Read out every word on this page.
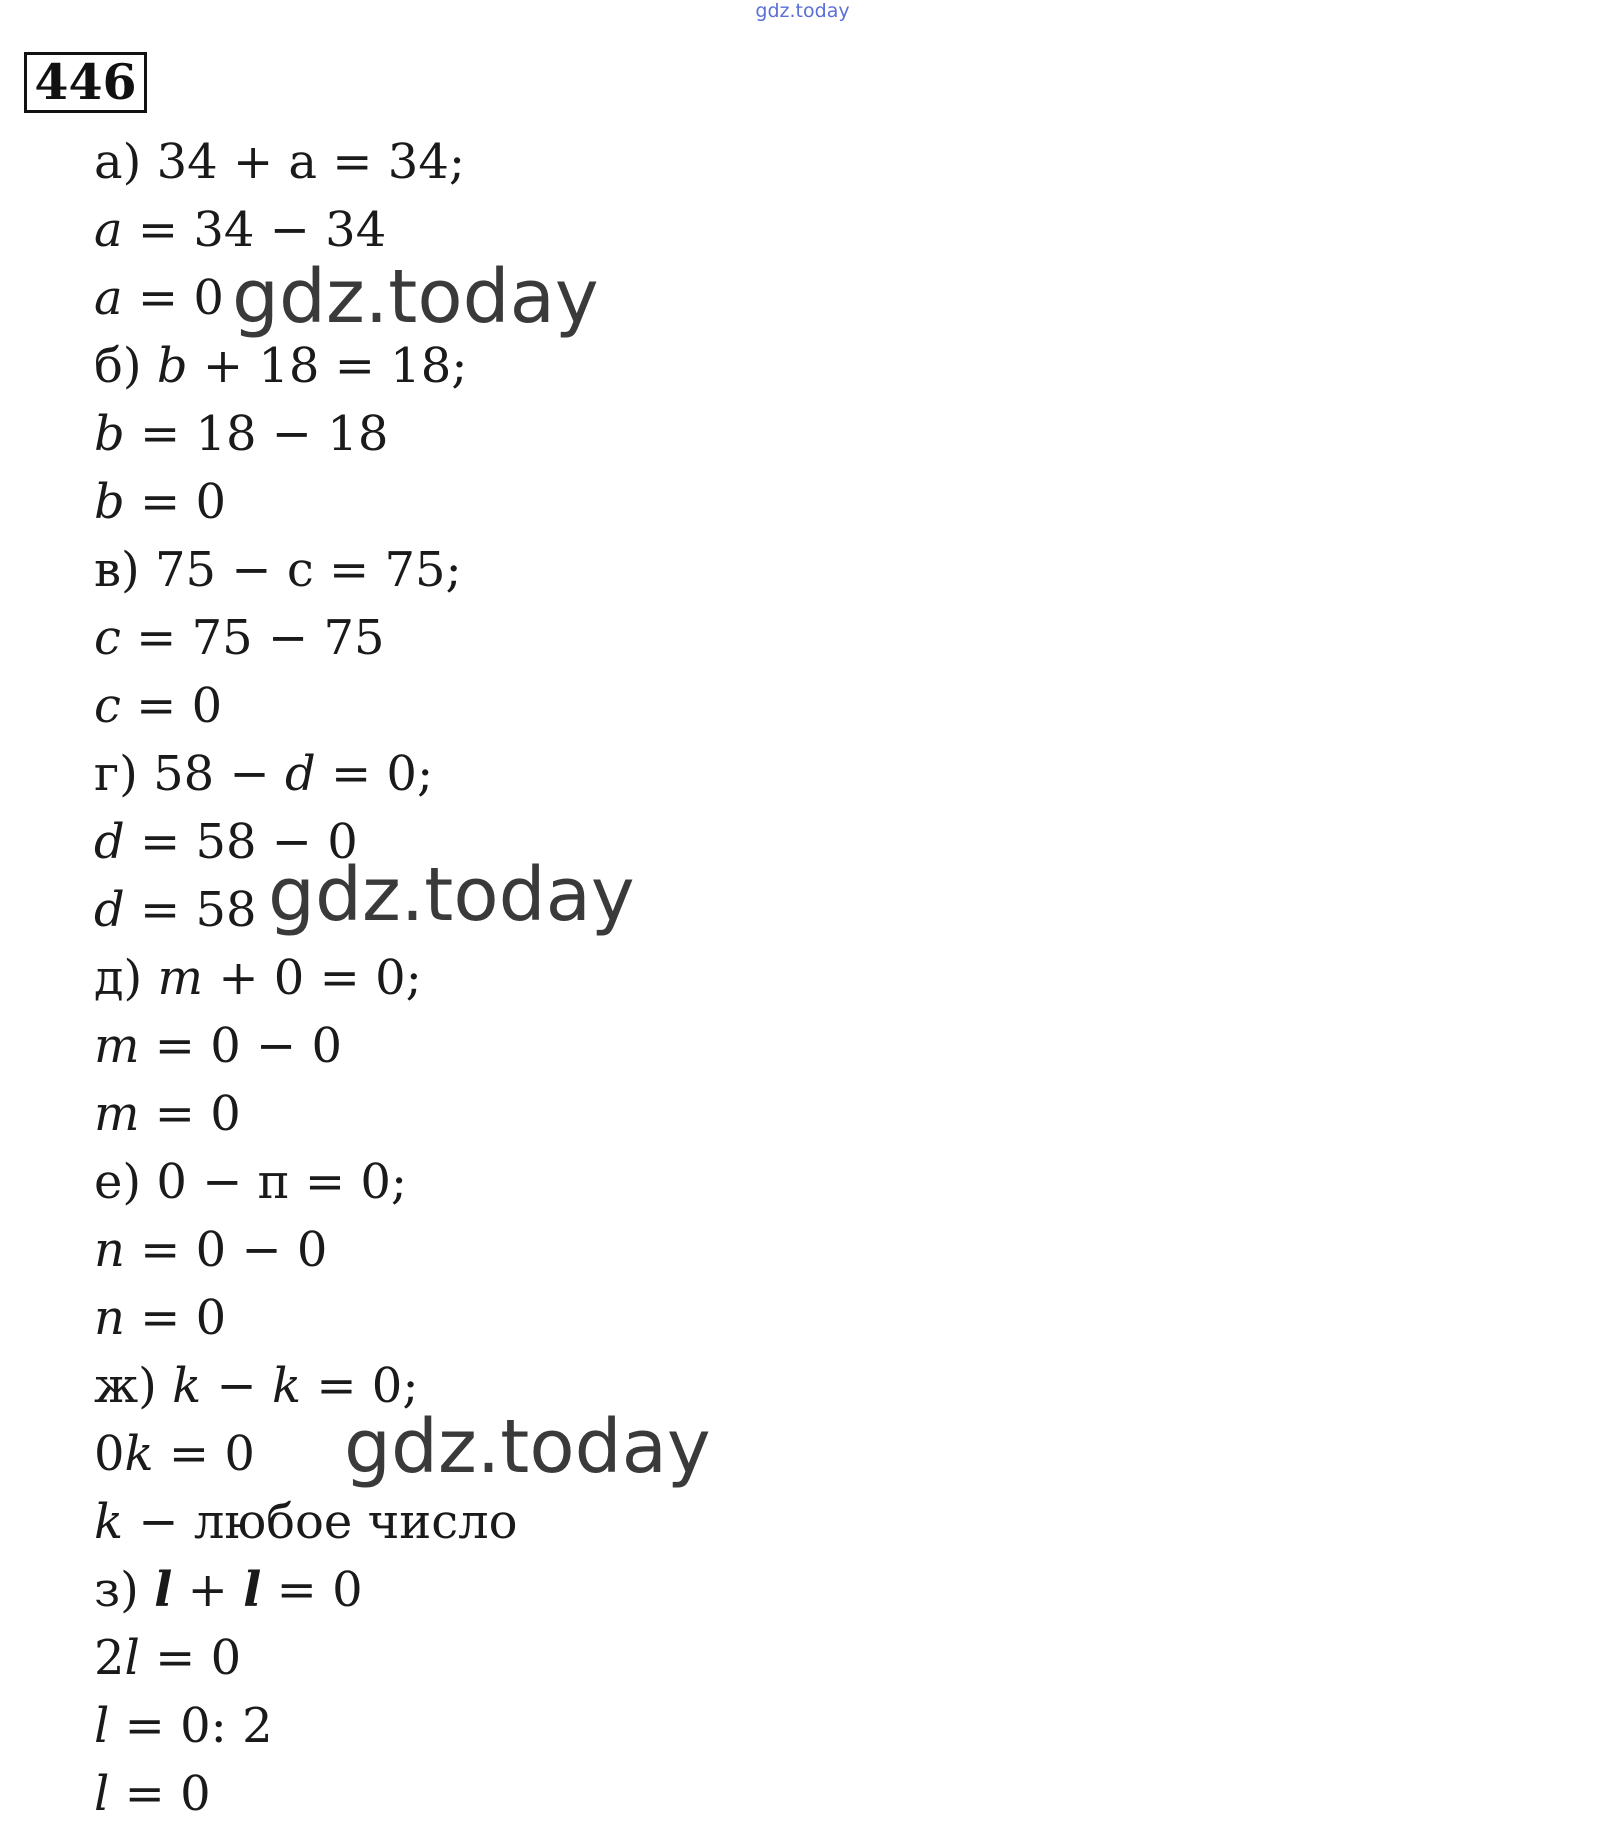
gdz.today
446
а) 34 + а = 34;
a = 34 − 34
a = 0
б) b + 18 = 18;
b = 18 − 18
b = 0
в) 75 − с = 75;
c = 75 − 75
c = 0
г) 58 − d = 0;
d = 58 − 0
d = 58
д) m + 0 = 0;
m = 0 − 0
m = 0
е) 0 − п = 0;
n = 0 − 0
n = 0
ж) k − k = 0;
0k = 0
k − любое число
з) l + l = 0
2l = 0
l = 0: 2
l = 0
gdz.today
gdz.today
gdz.today
